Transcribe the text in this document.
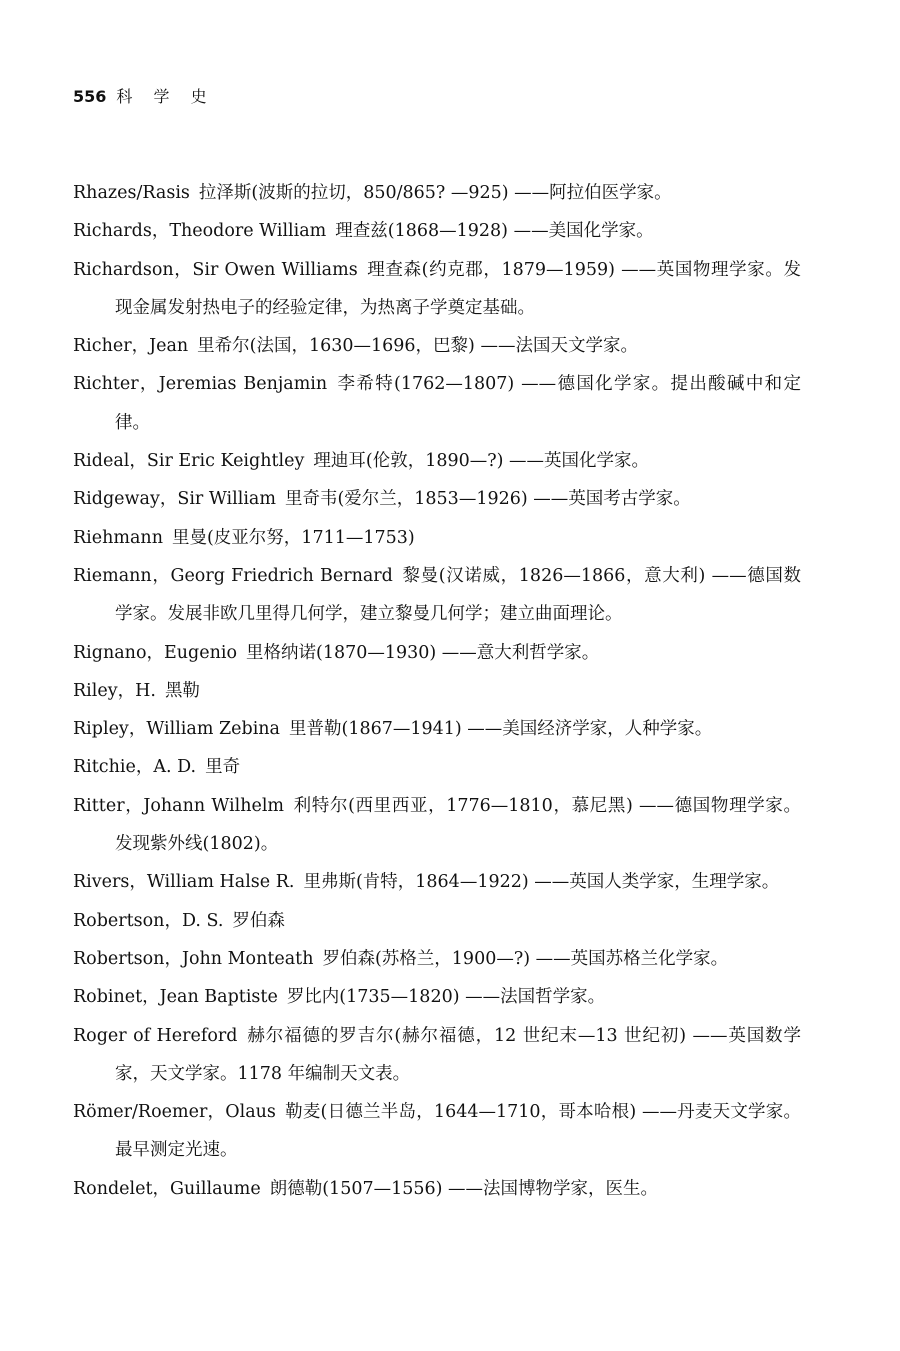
556 科 学 史
Rhazes/Rasis 拉泽斯(波斯的拉切，850/865? —925) ——阿拉伯医学家。
Richards，Theodore William 理查兹(1868—1928) ——美国化学家。
Richardson，Sir Owen Williams 理查森(约克郡，1879—1959) ——英国物理学家。发现金属发射热电子的经验定律，为热离子学奠定基础。
Richer，Jean 里希尔(法国，1630—1696，巴黎) ——法国天文学家。
Richter，Jeremias Benjamin 李希特(1762—1807) ——德国化学家。提出酸碱中和定律。
Rideal，Sir Eric Keightley 理迪耳(伦敦，1890—?) ——英国化学家。
Ridgeway，Sir William 里奇韦(爱尔兰，1853—1926) ——英国考古学家。
Riehmann 里曼(皮亚尔努，1711—1753)
Riemann，Georg Friedrich Bernard 黎曼(汉诺威，1826—1866，意大利) ——德国数学家。发展非欧几里得几何学，建立黎曼几何学；建立曲面理论。
Rignano，Eugenio 里格纳诺(1870—1930) ——意大利哲学家。
Riley，H. 黑勒
Ripley，William Zebina 里普勒(1867—1941) ——美国经济学家，人种学家。
Ritchie，A. D. 里奇
Ritter，Johann Wilhelm 利特尔(西里西亚，1776—1810，慕尼黑) ——德国物理学家。发现紫外线(1802)。
Rivers，William Halse R. 里弗斯(肯特，1864—1922) ——英国人类学家，生理学家。
Robertson，D. S. 罗伯森
Robertson，John Monteath 罗伯森(苏格兰，1900—?) ——英国苏格兰化学家。
Robinet，Jean Baptiste 罗比内(1735—1820) ——法国哲学家。
Roger of Hereford 赫尔福德的罗吉尔(赫尔福德，12 世纪末—13 世纪初) ——英国数学家，天文学家。1178 年编制天文表。
Römer/Roemer，Olaus 勒麦(日德兰半岛，1644—1710，哥本哈根) ——丹麦天文学家。最早测定光速。
Rondelet，Guillaume 朗德勒(1507—1556) ——法国博物学家，医生。
